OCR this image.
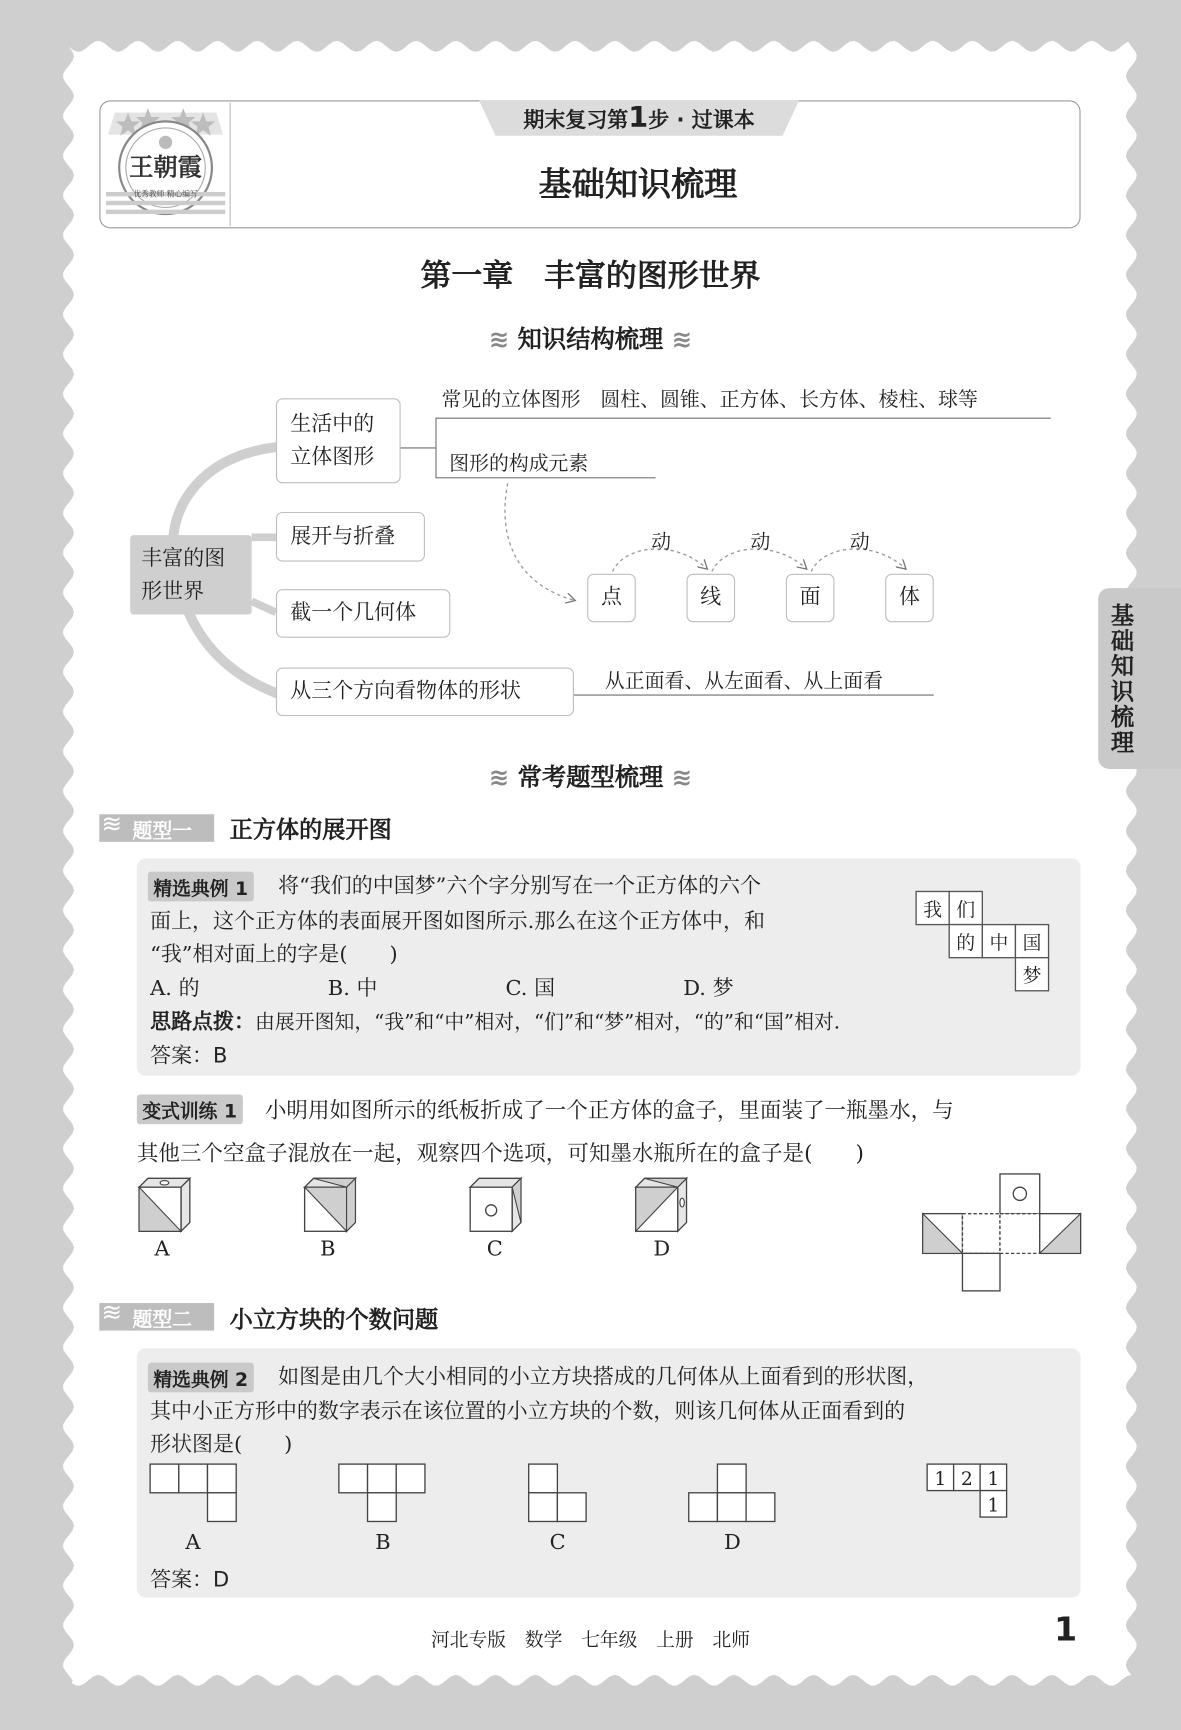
王朝霞
优秀教师 精心编写
期末复习第1步 · 过课本
基础知识梳理
基
础
知
识
梳
理
第一章　丰富的图形世界
≋ 知识结构梳理 ≋
丰富的图
形世界
生活中的
立体图形
常见的立体图形　圆柱、圆锥、正方体、长方体、棱柱、球等
图形的构成元素
展开与折叠
截一个几何体
从三个方向看物体的形状	从正面看、从左面看、从上面看
点	线	面	体
动	动	动
≋ 常考题型梳理 ≋
≋ 题型一 正方体的展开图
精选典例 1 将“我们的中国梦”六个字分别写在一个正方体的六个
面上，这个正方体的表面展开图如图所示.那么在这个正方体中，和
“我”相对面上的字是(　　)
A. 的	B. 中	C. 国	D. 梦
思路点拨：由展开图知，“我”和“中”相对，“们”和“梦”相对，“的”和“国”相对.
答案：B
我 们
的 中 国
梦
变式训练 1 小明用如图所示的纸板折成了一个正方体的盒子，里面装了一瓶墨水，与
其他三个空盒子混放在一起，观察四个选项，可知墨水瓶所在的盒子是(　　)
A	B	C	D
≋ 题型二 小立方块的个数问题
精选典例 2 如图是由几个大小相同的小立方块搭成的几何体从上面看到的形状图，
其中小正方形中的数字表示在该位置的小立方块的个数，则该几何体从正面看到的
形状图是(　　)
A	B	C	D
1 2 1
1
答案：D
河北专版　数学　七年级　上册　北师	1
